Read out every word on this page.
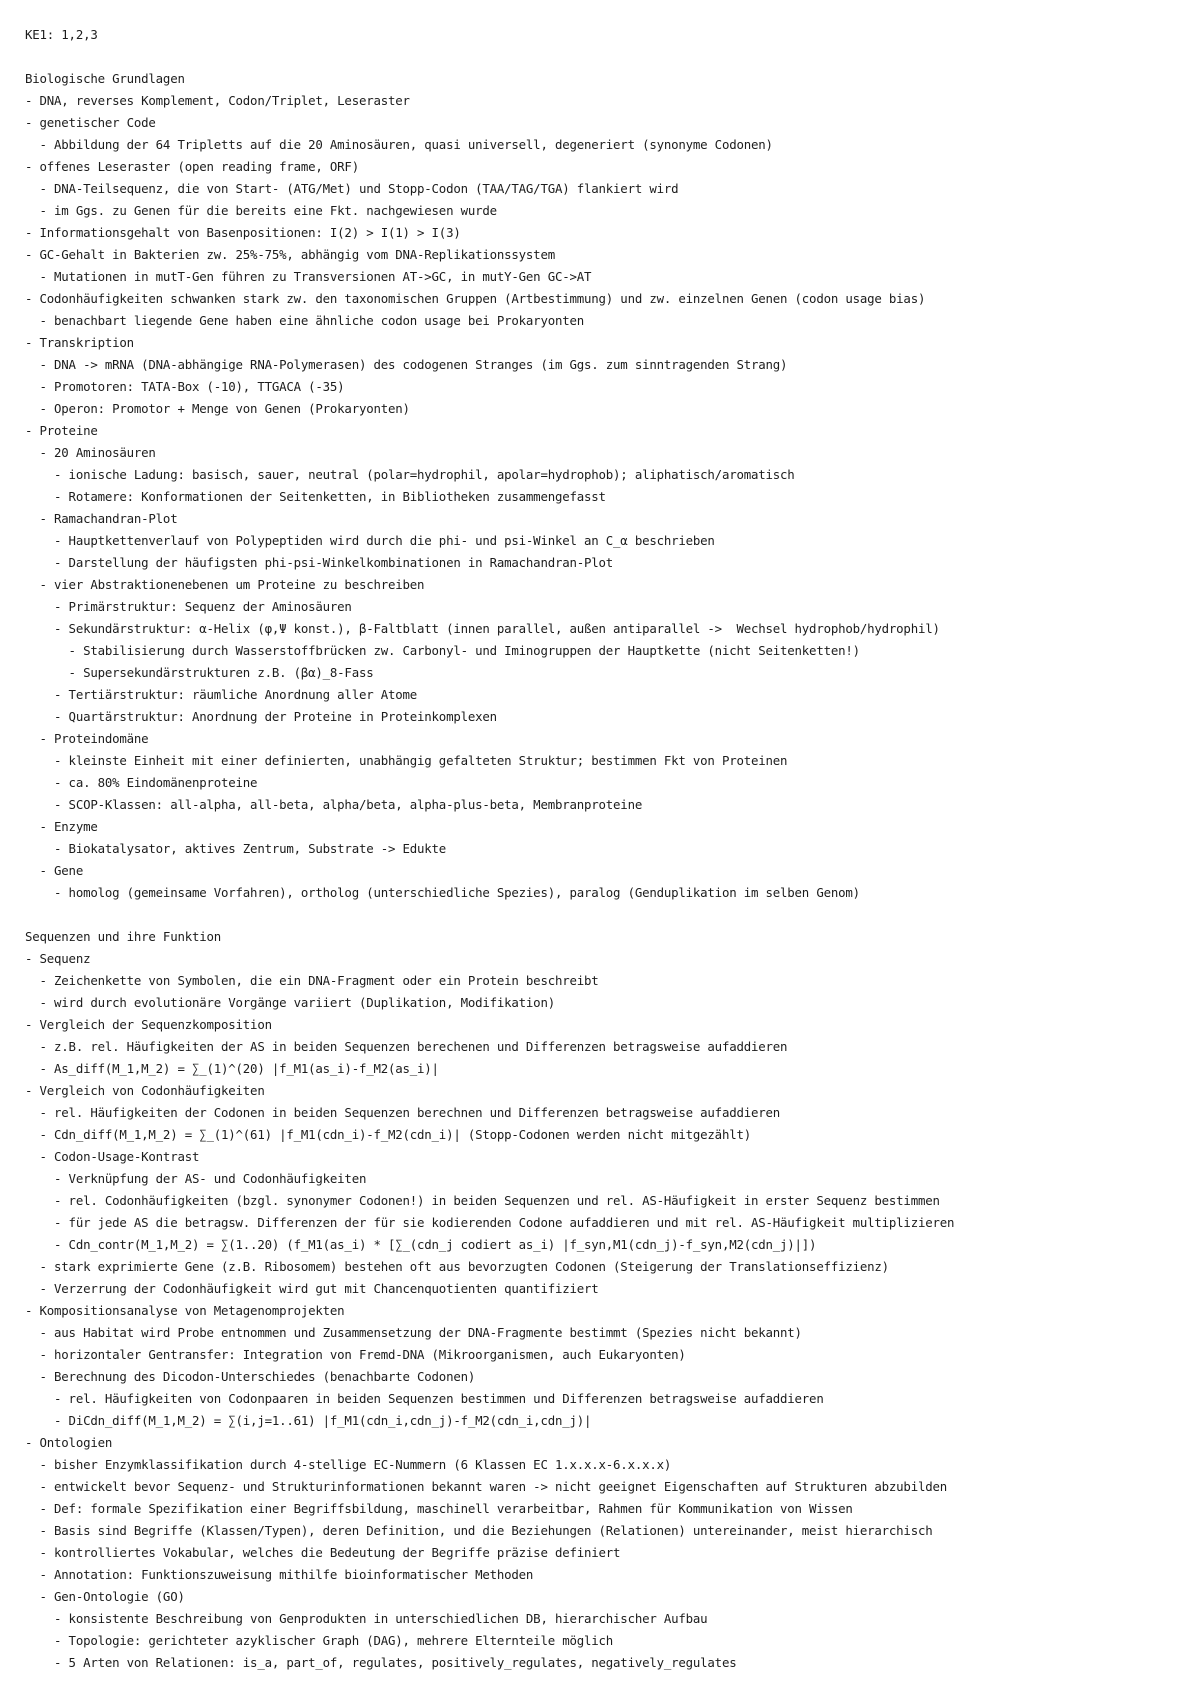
KE1: 1,2,3
Biologische Grundlagen
- DNA, reverses Komplement, Codon/Triplet, Leseraster
- genetischer Code
- Abbildung der 64 Tripletts auf die 20 Aminosäuren, quasi universell, degeneriert (synonyme Codonen)
- offenes Leseraster (open reading frame, ORF)
- DNA-Teilsequenz, die von Start- (ATG/Met) und Stopp-Codon (TAA/TAG/TGA) flankiert wird
- im Ggs. zu Genen für die bereits eine Fkt. nachgewiesen wurde
- Informationsgehalt von Basenpositionen: I(2) > I(1) > I(3)
- GC-Gehalt in Bakterien zw. 25%-75%, abhängig vom DNA-Replikationssystem
- Mutationen in mutT-Gen führen zu Transversionen AT->GC, in mutY-Gen GC->AT
- Codonhäufigkeiten schwanken stark zw. den taxonomischen Gruppen (Artbestimmung) und zw. einzelnen Genen (codon usage bias)
- benachbart liegende Gene haben eine ähnliche codon usage bei Prokaryonten
- Transkription
- DNA -> mRNA (DNA-abhängige RNA-Polymerasen) des codogenen Stranges (im Ggs. zum sinntragenden Strang)
- Promotoren: TATA-Box (-10), TTGACA (-35)
- Operon: Promotor + Menge von Genen (Prokaryonten)
- Proteine
- 20 Aminosäuren
- ionische Ladung: basisch, sauer, neutral (polar=hydrophil, apolar=hydrophob); aliphatisch/aromatisch
- Rotamere: Konformationen der Seitenketten, in Bibliotheken zusammengefasst
- Ramachandran-Plot
- Hauptkettenverlauf von Polypeptiden wird durch die phi- und psi-Winkel an C_α beschrieben
- Darstellung der häufigsten phi-psi-Winkelkombinationen in Ramachandran-Plot
- vier Abstraktionenebenen um Proteine zu beschreiben
- Primärstruktur: Sequenz der Aminosäuren
- Sekundärstruktur: α-Helix (φ,Ψ konst.), β-Faltblatt (innen parallel, außen antiparallel ->  Wechsel hydrophob/hydrophil)
- Stabilisierung durch Wasserstoffbrücken zw. Carbonyl- und Iminogruppen der Hauptkette (nicht Seitenketten!)
- Supersekundärstrukturen z.B. (βα)_8-Fass
- Tertiärstruktur: räumliche Anordnung aller Atome
- Quartärstruktur: Anordnung der Proteine in Proteinkomplexen
- Proteindomäne
- kleinste Einheit mit einer definierten, unabhängig gefalteten Struktur; bestimmen Fkt von Proteinen
- ca. 80% Eindomänenproteine
- SCOP-Klassen: all-alpha, all-beta, alpha/beta, alpha-plus-beta, Membranproteine
- Enzyme
- Biokatalysator, aktives Zentrum, Substrate -> Edukte
- Gene
- homolog (gemeinsame Vorfahren), ortholog (unterschiedliche Spezies), paralog (Genduplikation im selben Genom)
Sequenzen und ihre Funktion
- Sequenz
- Zeichenkette von Symbolen, die ein DNA-Fragment oder ein Protein beschreibt
- wird durch evolutionäre Vorgänge variiert (Duplikation, Modifikation)
- Vergleich der Sequenzkomposition
- z.B. rel. Häufigkeiten der AS in beiden Sequenzen berechenen und Differenzen betragsweise aufaddieren
- As_diff(M_1,M_2) = ∑_(1)^(20) |f_M1(as_i)-f_M2(as_i)|
- Vergleich von Codonhäufigkeiten
- rel. Häufigkeiten der Codonen in beiden Sequenzen berechnen und Differenzen betragsweise aufaddieren
- Cdn_diff(M_1,M_2) = ∑_(1)^(61) |f_M1(cdn_i)-f_M2(cdn_i)| (Stopp-Codonen werden nicht mitgezählt)
- Codon-Usage-Kontrast
- Verknüpfung der AS- und Codonhäufigkeiten
- rel. Codonhäufigkeiten (bzgl. synonymer Codonen!) in beiden Sequenzen und rel. AS-Häufigkeit in erster Sequenz bestimmen
- für jede AS die betragsw. Differenzen der für sie kodierenden Codone aufaddieren und mit rel. AS-Häufigkeit multiplizieren
- Cdn_contr(M_1,M_2) = ∑(1..20) (f_M1(as_i) * [∑_(cdn_j codiert as_i) |f_syn,M1(cdn_j)-f_syn,M2(cdn_j)|])
- stark exprimierte Gene (z.B. Ribosomem) bestehen oft aus bevorzugten Codonen (Steigerung der Translationseffizienz)
- Verzerrung der Codonhäufigkeit wird gut mit Chancenquotienten quantifiziert
- Kompositionsanalyse von Metagenomprojekten
- aus Habitat wird Probe entnommen und Zusammensetzung der DNA-Fragmente bestimmt (Spezies nicht bekannt)
- horizontaler Gentransfer: Integration von Fremd-DNA (Mikroorganismen, auch Eukaryonten)
- Berechnung des Dicodon-Unterschiedes (benachbarte Codonen)
- rel. Häufigkeiten von Codonpaaren in beiden Sequenzen bestimmen und Differenzen betragsweise aufaddieren
- DiCdn_diff(M_1,M_2) = ∑(i,j=1..61) |f_M1(cdn_i,cdn_j)-f_M2(cdn_i,cdn_j)|
- Ontologien
- bisher Enzymklassifikation durch 4-stellige EC-Nummern (6 Klassen EC 1.x.x.x-6.x.x.x)
- entwickelt bevor Sequenz- und Strukturinformationen bekannt waren -> nicht geeignet Eigenschaften auf Strukturen abzubilden
- Def: formale Spezifikation einer Begriffsbildung, maschinell verarbeitbar, Rahmen für Kommunikation von Wissen
- Basis sind Begriffe (Klassen/Typen), deren Definition, und die Beziehungen (Relationen) untereinander, meist hierarchisch
- kontrolliertes Vokabular, welches die Bedeutung der Begriffe präzise definiert
- Annotation: Funktionszuweisung mithilfe bioinformatischer Methoden
- Gen-Ontologie (GO)
- konsistente Beschreibung von Genprodukten in unterschiedlichen DB, hierarchischer Aufbau
- Topologie: gerichteter azyklischer Graph (DAG), mehrere Elternteile möglich
- 5 Arten von Relationen: is_a, part_of, regulates, positively_regulates, negatively_regulates
